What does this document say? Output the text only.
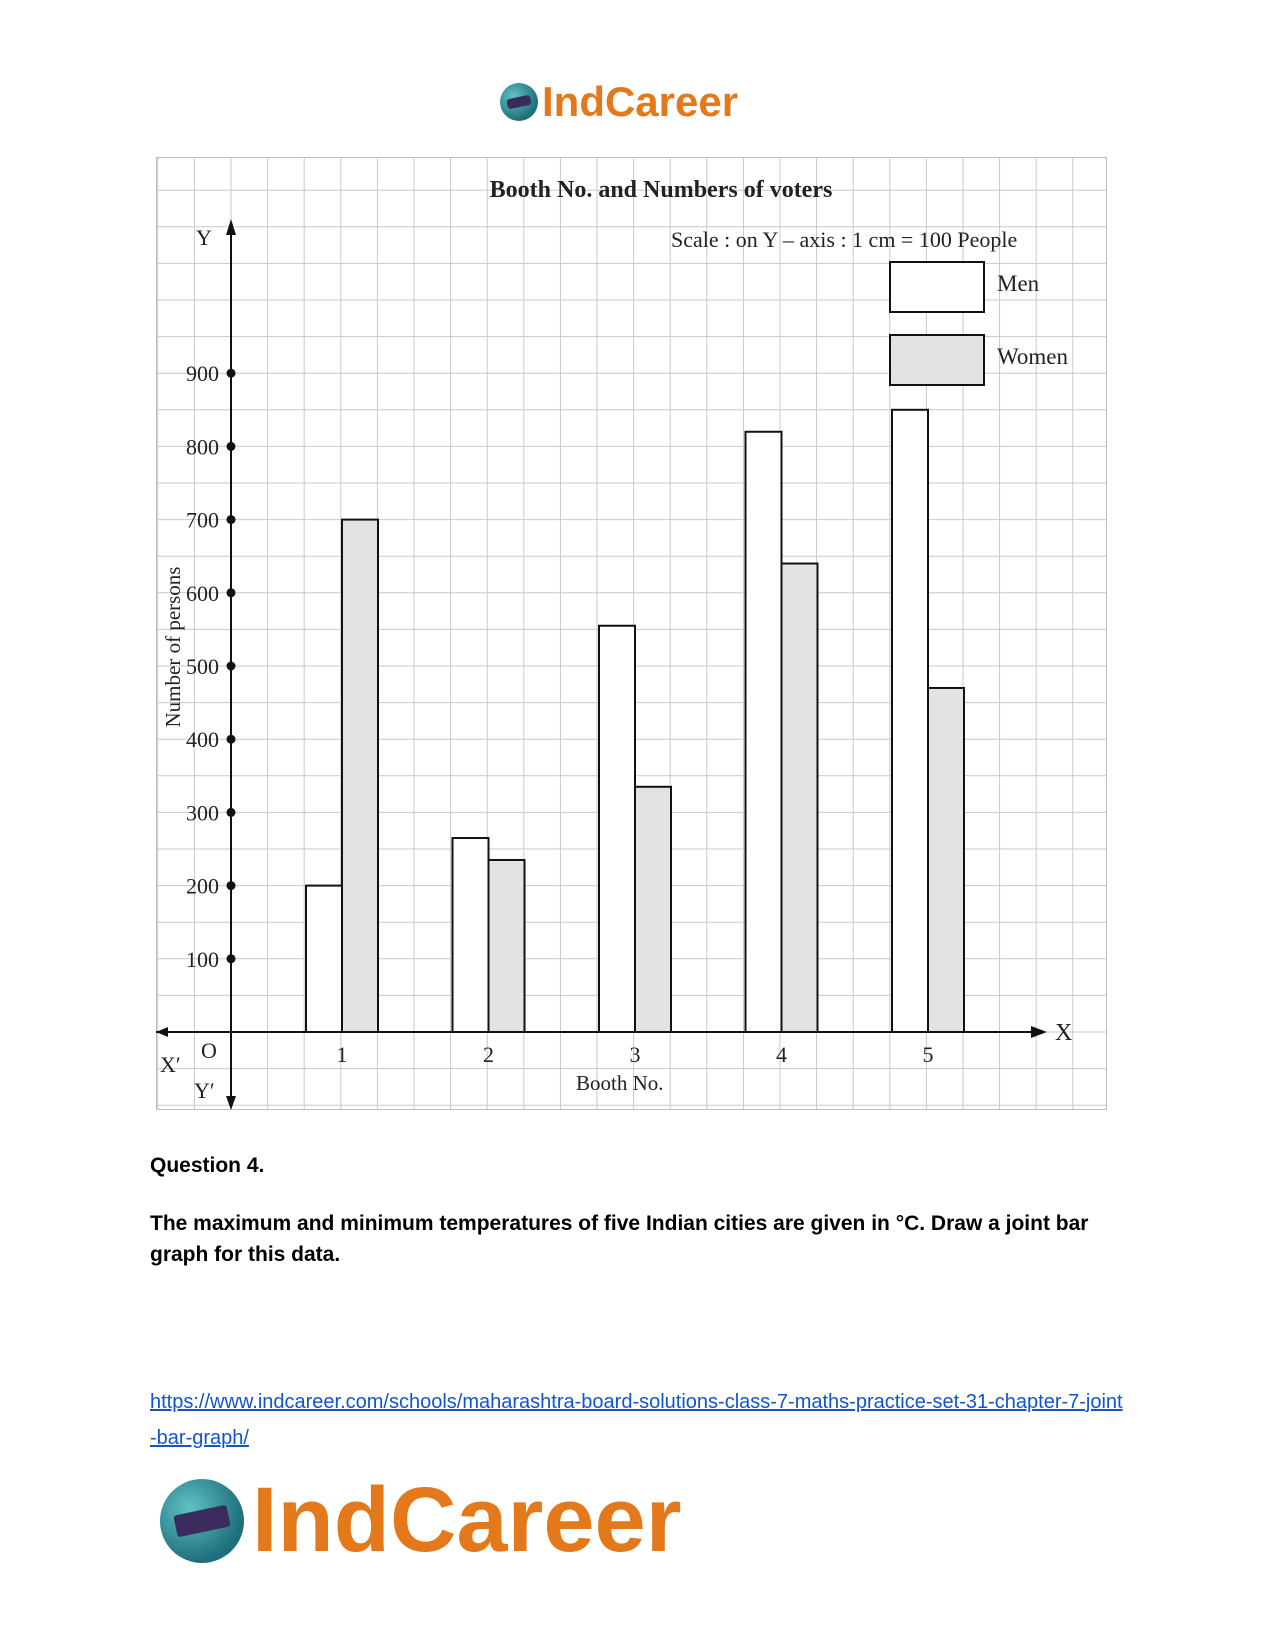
IndCareer
1	2	3	4	5
100
200
300
400
500
600
700
800
900
X
X′
Y
Y′
O
Booth No.
Number of persons
Booth No. and Numbers of voters
Scale : on Y – axis : 1 cm = 100 People
Men
Women
Question 4.
The maximum and minimum temperatures of five Indian cities are given in °C. Draw a joint bar graph for this data.
https://www.indcareer.com/schools/maharashtra-board-solutions-class-7-maths-practice-set-31-chapter-7-joint-bar-graph/
IndCareer
